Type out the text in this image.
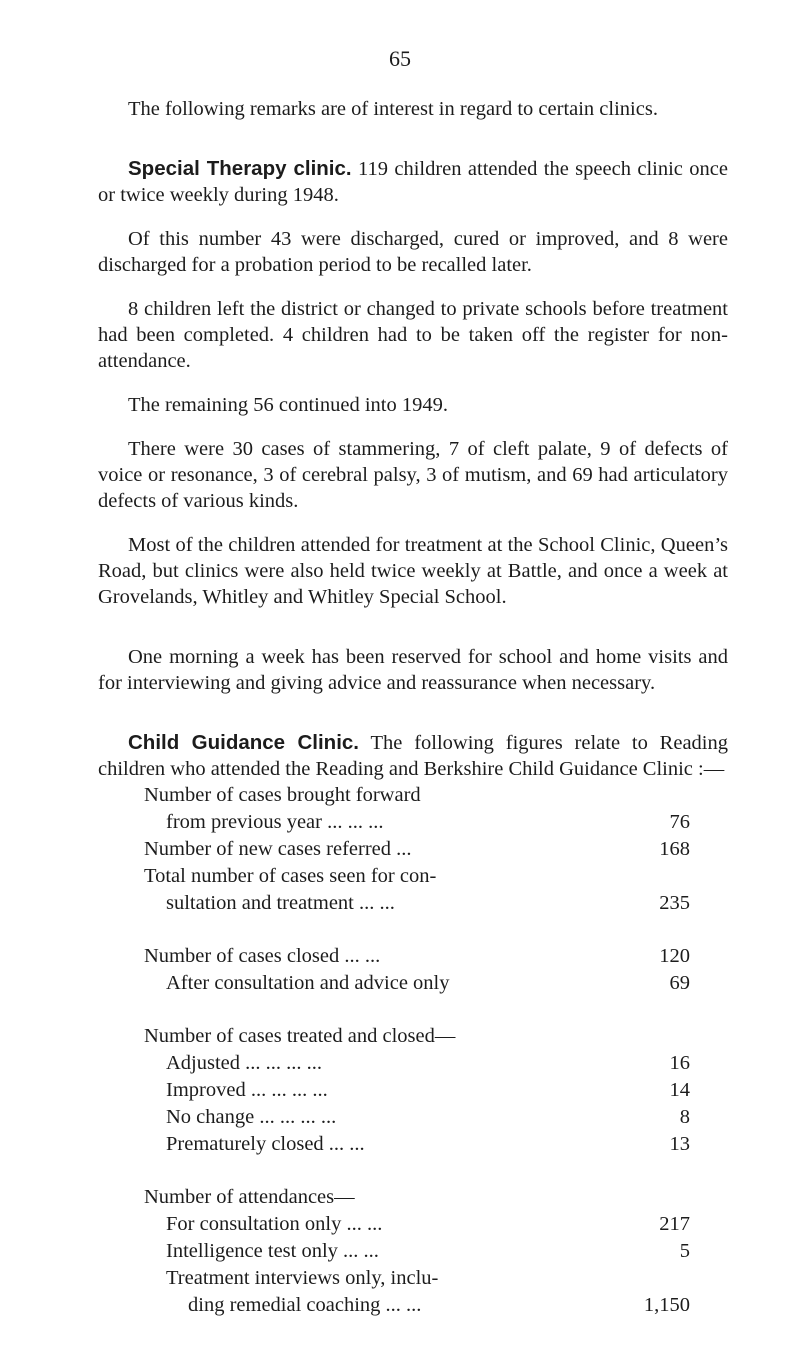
65

The following remarks are of interest in regard to certain clinics.

Special Therapy clinic. 119 children attended the speech clinic once or twice weekly during 1948.

Of this number 43 were discharged, cured or improved, and 8 were discharged for a probation period to be recalled later.

8 children left the district or changed to private schools before treatment had been completed. 4 children had to be taken off the register for non-attendance.

The remaining 56 continued into 1949.

There were 30 cases of stammering, 7 of cleft palate, 9 of defects of voice or resonance, 3 of cerebral palsy, 3 of mutism, and 69 had articulatory defects of various kinds.

Most of the children attended for treatment at the School Clinic, Queen’s Road, but clinics were also held twice weekly at Battle, and once a week at Grovelands, Whitley and Whitley Special School.

One morning a week has been reserved for school and home visits and for interviewing and giving advice and reassurance when necessary.

Child Guidance Clinic. The following figures relate to Reading children who attended the Reading and Berkshire Child Guidance Clinic :—

Number of cases brought forward
from previous year ... ... ...	76
Number of new cases referred ...	168
Total number of cases seen for con-
sultation and treatment ... ...	235
Number of cases closed ... ...	120
After consultation and advice only	69
Number of cases treated and closed—
Adjusted ... ... ... ...	16
Improved ... ... ... ...	14
No change ... ... ... ...	8
Prematurely closed ... ...	13
Number of attendances—
For consultation only ... ...	217
Intelligence test only ... ...	5
Treatment interviews only, inclu-
ding remedial coaching ... ...	1,150
